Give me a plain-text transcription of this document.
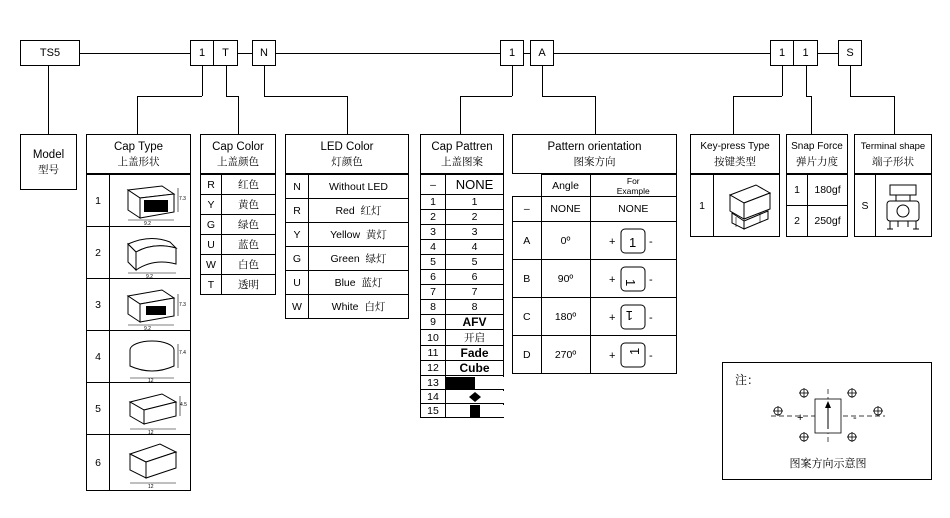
TS5	1 T	N	1 A	1 1	S
Model
型号
Cap Type
上盖形状
1	9.2
7.3

2	9.2

3	9.2
7.3

4	12
7.4

5	12
4.5

6	12
Cap Color
上盖颜色
R	红色
Y	黄色
G	绿色
U	蓝色
W	白色
T	透明
LED Color
灯颜色
N	Without LED
R	Red 红灯
Y	Yellow 黄灯
G	Green 绿灯
U	Blue 蓝灯
W	White 白灯
Cap Pattren
上盖图案
–	NONE
1	1
2	2
3	3
4	4
5	5
6	6
7	7
8	8
9	AFV
10	开启
11	Fade
12	Cube
13	

14	

15	
Pattern orientation
图案方向
	Angle	For
Example
–	NONE	NONE
A	0º	+ 1 -

B	90º	+ 1 -

C	180º	+ 1 -

D	270º	+ 1 -
Key-press Type
按键类型
1	
Snap Force
弹片力度
1	180gf
2	250gf
Terminal shape
端子形状
S	
注：
+	-
图案方向示意图
